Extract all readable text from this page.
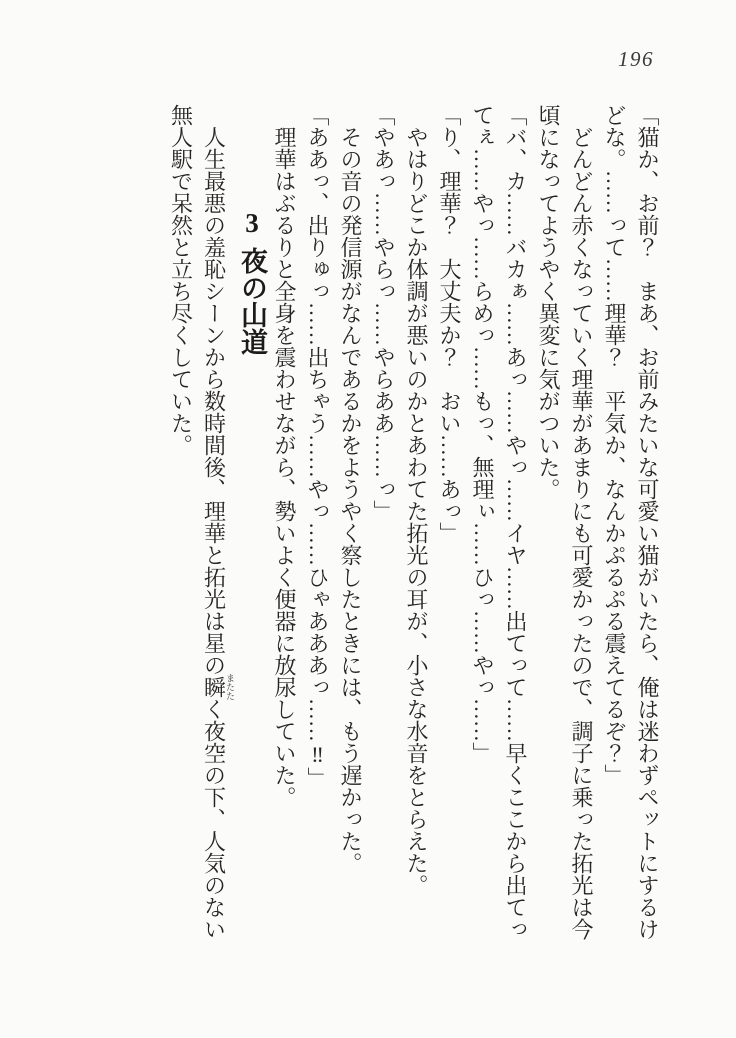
196

「猫か、お前？　まあ、お前みたいな可愛い猫がいたら、俺は迷わずペットにするけ

どな。……って……理華？　平気か、なんかぷるぷる震えてるぞ？」

　どんどん赤くなっていく理華があまりにも可愛かったので、調子に乗った拓光は今

頃になってようやく異変に気がついた。

「バ、カ……バカぁ……あっ……やっ……イヤ……出てって……早くここから出てっ

てぇ……やっ……らめっ……もっ、無理ぃ……ひっ……やっ……」

「り、理華？　大丈夫か？　おい……あっ」

　やはりどこか体調が悪いのかとあわてた拓光の耳が、小さな水音をとらえた。

「やあっ……やらっ……やらああ……っ」

　その音の発信源がなんであるかをようやく察したときには、もう遅かった。

「ああっ、出りゅっ……出ちゃう……やっ……ひゃあああっ……‼」

　理華はぶるりと全身を震わせながら、勢いよく便器に放尿していた。

3夜の山道

　人生最悪の羞恥シーンから数時間後、理華と拓光は星の瞬またたく夜空の下、人気のない

無人駅で呆然と立ち尽くしていた。
